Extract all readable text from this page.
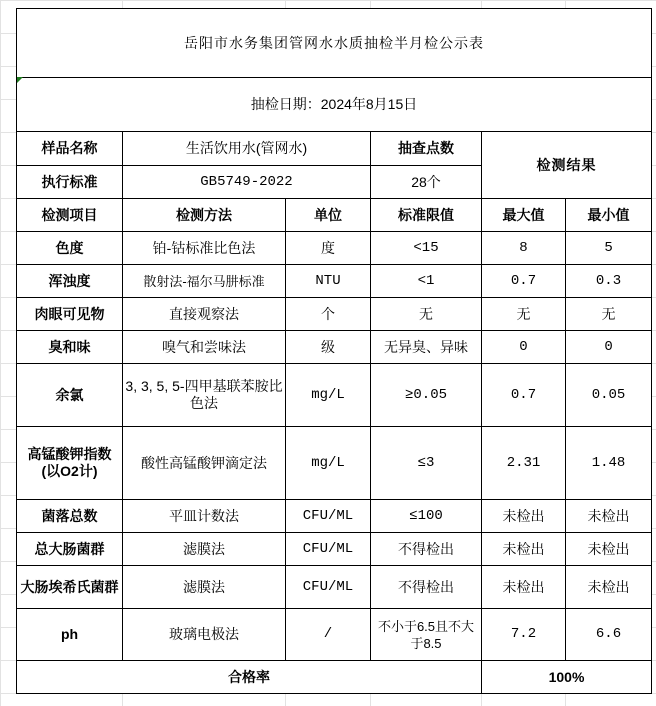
岳阳市水务集团管网水水质抽检半月检公示表					
抽检日期：2024年8月15日					
样品名称	生活饮用水(管网水)		抽查点数	检测结果	
执行标准	GB5749-2022		28个		
检测项目	检测方法	单位	标准限值	最大值	最小值
色度	铂-钴标准比色法	度	<15	8	5
浑浊度	散射法-福尔马肼标准	NTU	<1	0.7	0.3
肉眼可见物	直接观察法	个	无	无	无
臭和味	嗅气和尝味法	级	无异臭、异味	0	0
余氯	3, 3, 5, 5-四甲基联苯胺比色法	mg/L	≥0.05	0.7	0.05
高锰酸钾指数(以O2计)	酸性高锰酸钾滴定法	mg/L	≤3	2.31	1.48
菌落总数	平皿计数法	CFU/ML	≤100	未检出	未检出
总大肠菌群	滤膜法	CFU/ML	不得检出	未检出	未检出
大肠埃希氏菌群	滤膜法	CFU/ML	不得检出	未检出	未检出
ph	玻璃电极法	/	不小于6.5且不大于8.5	7.2	6.6
合格率				100%	
